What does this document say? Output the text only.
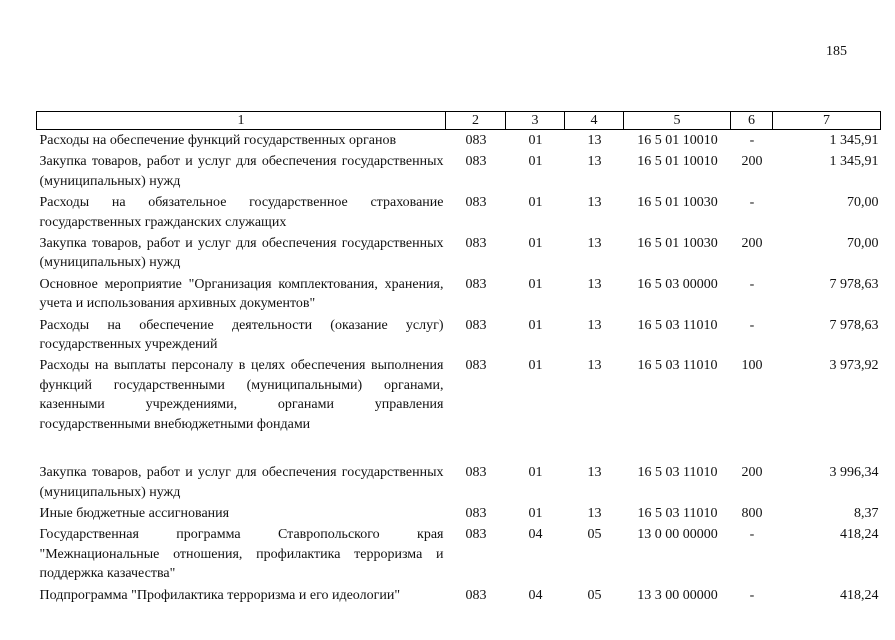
185
1	2	3	4	5	6	7
Расходы на обеспечение функций государственных органов	083	01	13	16 5 01 10010	-	1 345,91
Закупка товаров, работ и услуг для обеспечения государственных (муниципальных) нужд	083	01	13	16 5 01 10010	200	1 345,91
Расходы на обязательное государственное страхование государственных гражданских служащих	083	01	13	16 5 01 10030	-	70,00
Закупка товаров, работ и услуг для обеспечения государственных (муниципальных) нужд	083	01	13	16 5 01 10030	200	70,00
Основное мероприятие "Организация комплектования, хранения, учета и использования архивных документов"	083	01	13	16 5 03 00000	-	7 978,63
Расходы на обеспечение деятельности (оказание услуг) государственных учреждений	083	01	13	16 5 03 11010	-	7 978,63
Расходы на выплаты персоналу в целях обеспечения выполнения функций государственными (муниципальными) органами, казенными учреждениями, органами управления государственными внебюджетными фондами	083	01	13	16 5 03 11010	100	3 973,92
Закупка товаров, работ и услуг для обеспечения государственных (муниципальных) нужд	083	01	13	16 5 03 11010	200	3 996,34
Иные бюджетные ассигнования	083	01	13	16 5 03 11010	800	8,37
Государственная программа Ставропольского края "Межнациональные отношения, профилактика терроризма и поддержка казачества"	083	04	05	13 0 00 00000	-	418,24
Подпрограмма "Профилактика терроризма и его идеологии"	083	04	05	13 3 00 00000	-	418,24
